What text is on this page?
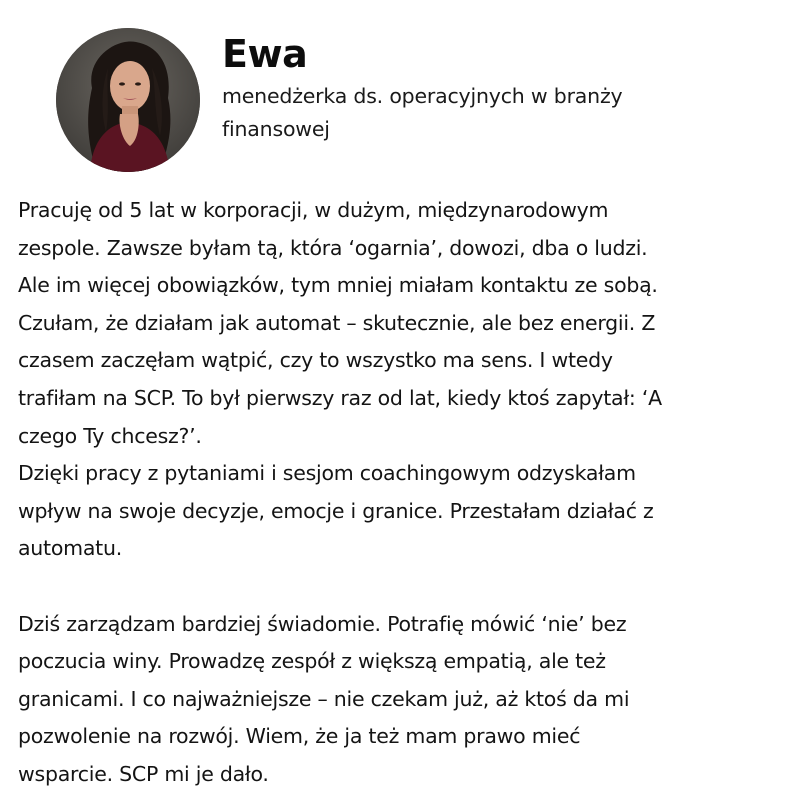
Ewa
menedżerka ds. operacyjnych w branży
finansowej

Pracuję od 5 lat w korporacji, w dużym, międzynarodowym

zespole. Zawsze byłam tą, która ‘ogarnia’, dowozi, dba o ludzi.

Ale im więcej obowiązków, tym mniej miałam kontaktu ze sobą.

Czułam, że działam jak automat – skutecznie, ale bez energii. Z

czasem zaczęłam wątpić, czy to wszystko ma sens. I wtedy

trafiłam na SCP. To był pierwszy raz od lat, kiedy ktoś zapytał: ‘A

czego Ty chcesz?’.

Dzięki pracy z pytaniami i sesjom coachingowym odzyskałam

wpływ na swoje decyzje, emocje i granice. Przestałam działać z

automatu.

Dziś zarządzam bardziej świadomie. Potrafię mówić ‘nie’ bez

poczucia winy. Prowadzę zespół z większą empatią, ale też

granicami. I co najważniejsze – nie czekam już, aż ktoś da mi

pozwolenie na rozwój. Wiem, że ja też mam prawo mieć

wsparcie. SCP mi je dało.
